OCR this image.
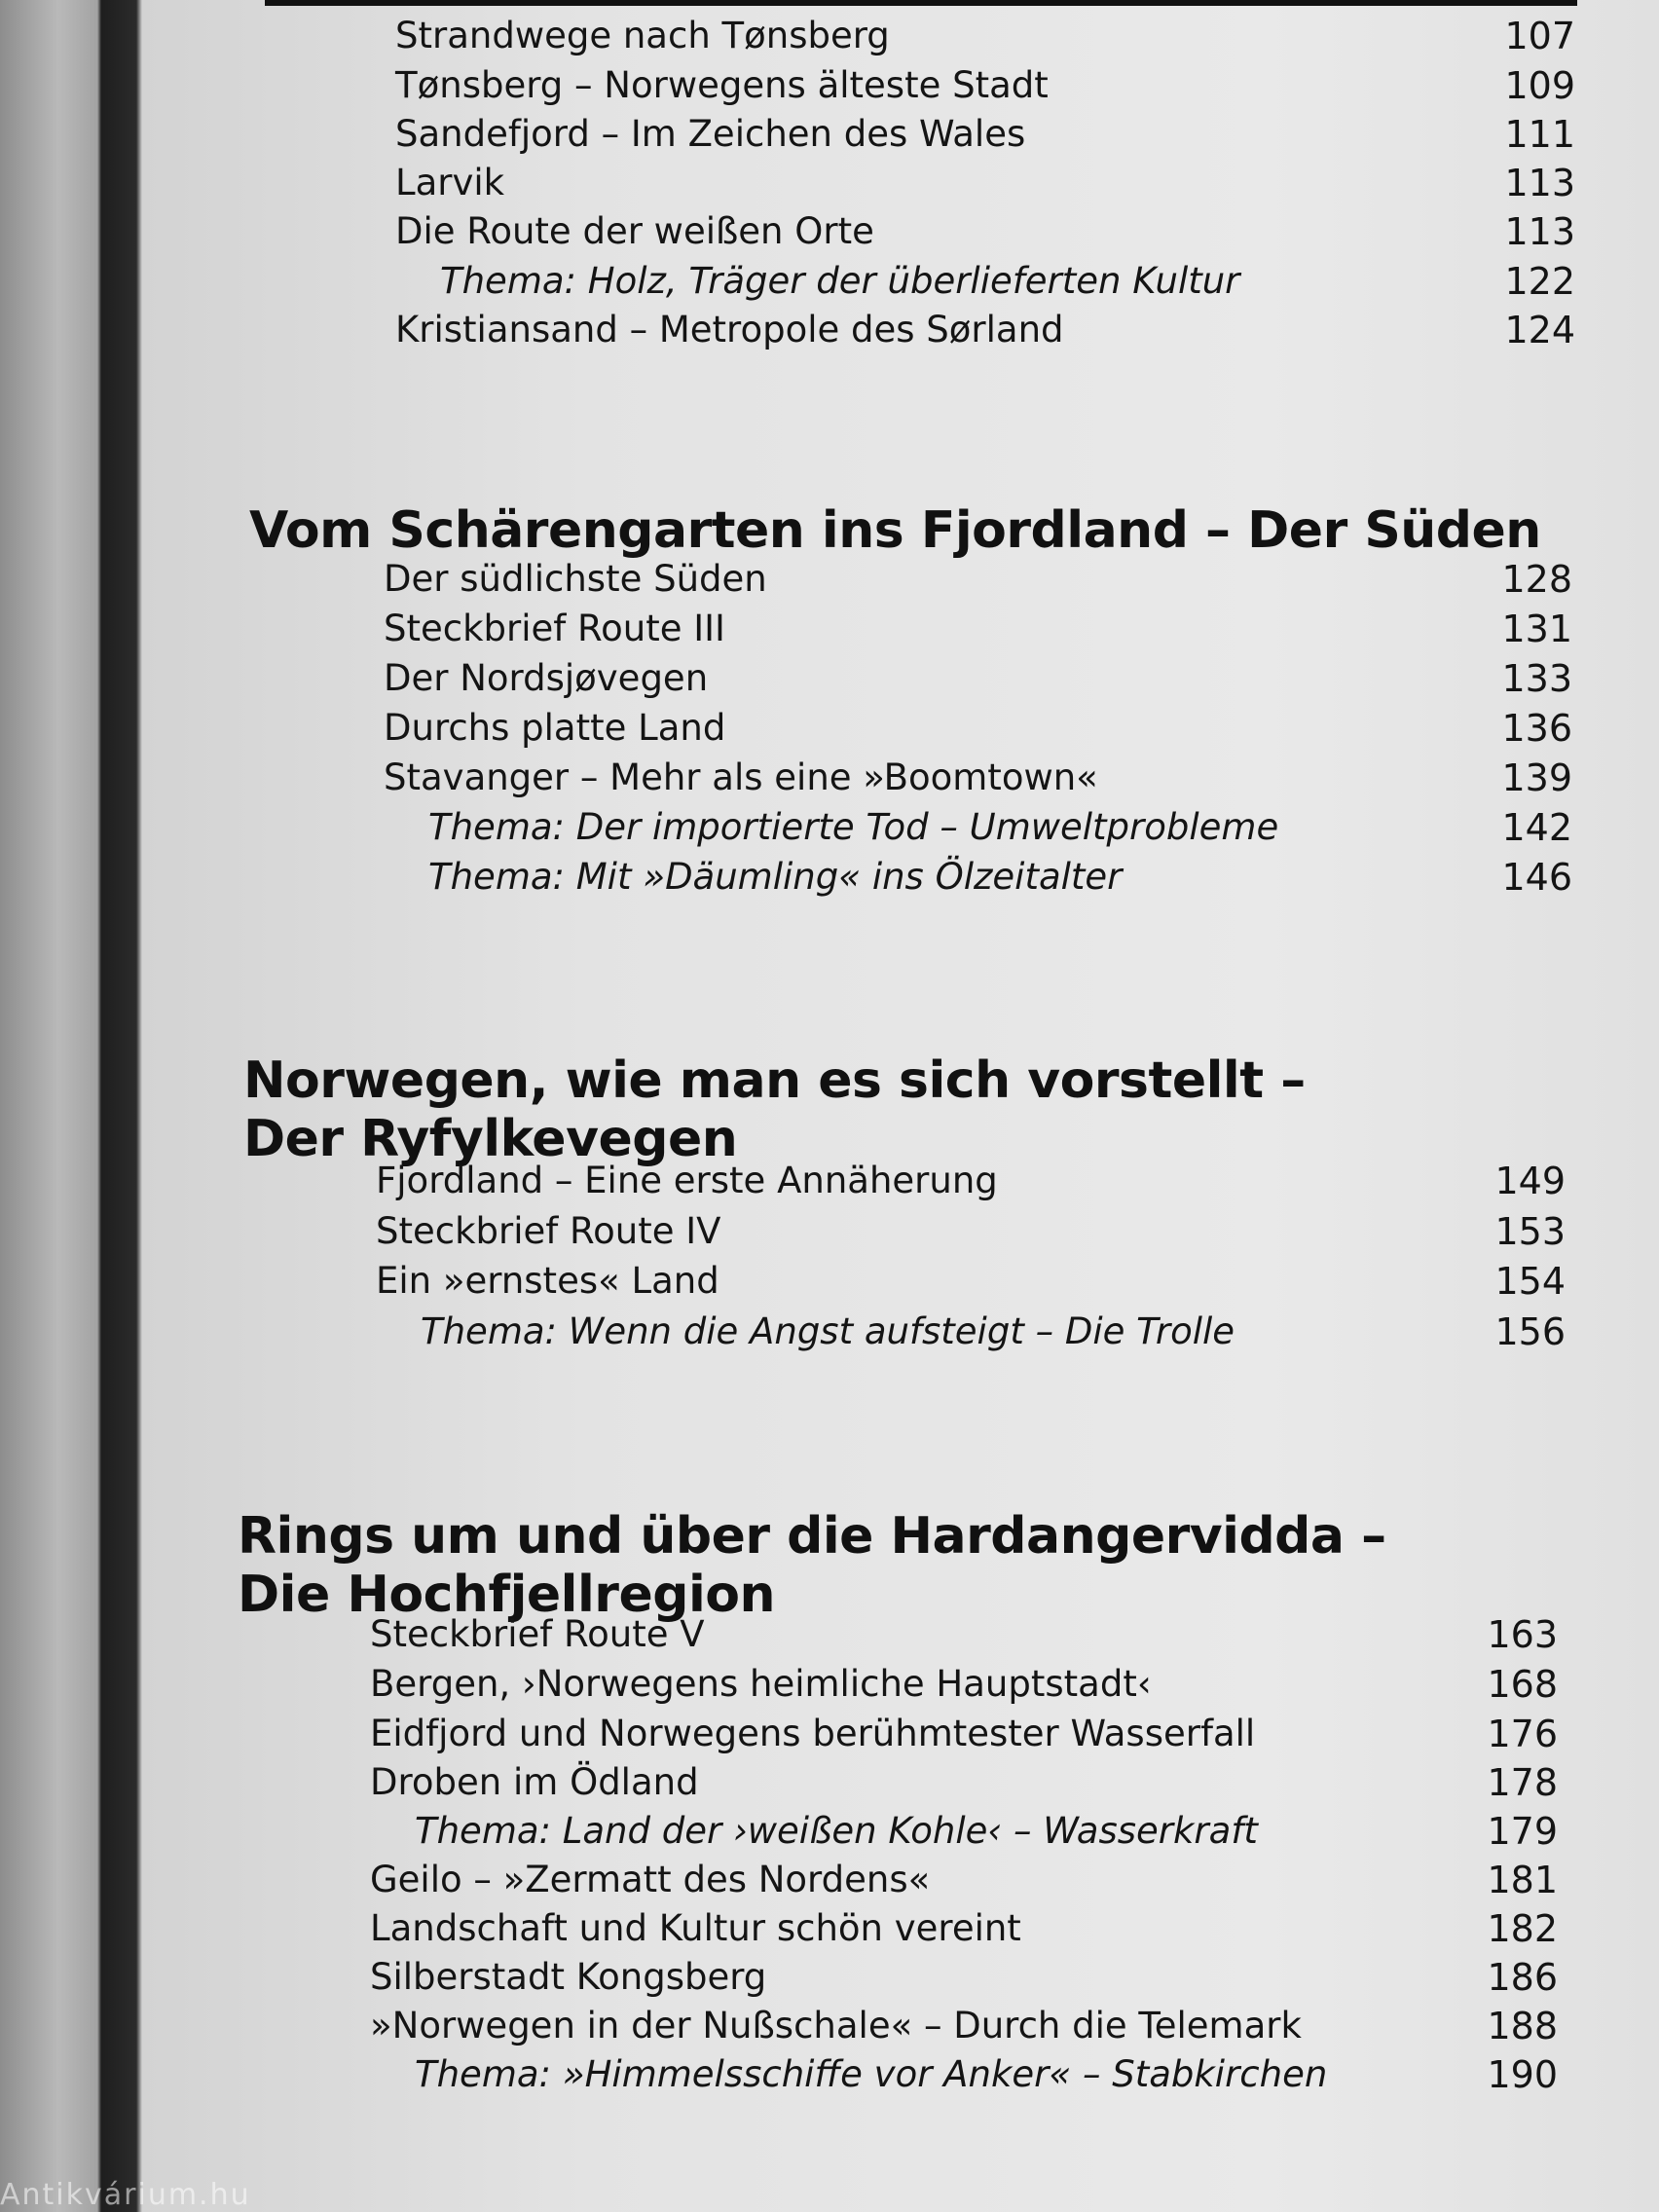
Strandwege nach Tønsberg	107
Tønsberg – Norwegens älteste Stadt	109
Sandefjord – Im Zeichen des Wales	111
Larvik	113
Die Route der weißen Orte	113
Thema: Holz, Träger der überlieferten Kultur	122
Kristiansand – Metropole des Sørland	124
Vom Schärengarten ins Fjordland – Der Süden
Der südlichste Süden	128
Steckbrief Route III	131
Der Nordsjøvegen	133
Durchs platte Land	136
Stavanger – Mehr als eine »Boomtown«	139
Thema: Der importierte Tod – Umweltprobleme	142
Thema: Mit »Däumling« ins Ölzeitalter	146
Norwegen, wie man es sich vorstellt –
Der Ryfylkevegen
Fjordland – Eine erste Annäherung	149
Steckbrief Route IV	153
Ein »ernstes« Land	154
Thema: Wenn die Angst aufsteigt – Die Trolle	156
Rings um und über die Hardangervidda –
Die Hochfjellregion
Steckbrief Route V	163
Bergen, ›Norwegens heimliche Hauptstadt‹	168
Eidfjord und Norwegens berühmtester Wasserfall	176
Droben im Ödland	178
Thema: Land der ›weißen Kohle‹ – Wasserkraft	179
Geilo – »Zermatt des Nordens«	181
Landschaft und Kultur schön vereint	182
Silberstadt Kongsberg	186
»Norwegen in der Nußschale« – Durch die Telemark	188
Thema: »Himmelsschiffe vor Anker« – Stabkirchen	190
Antikvárium.hu
